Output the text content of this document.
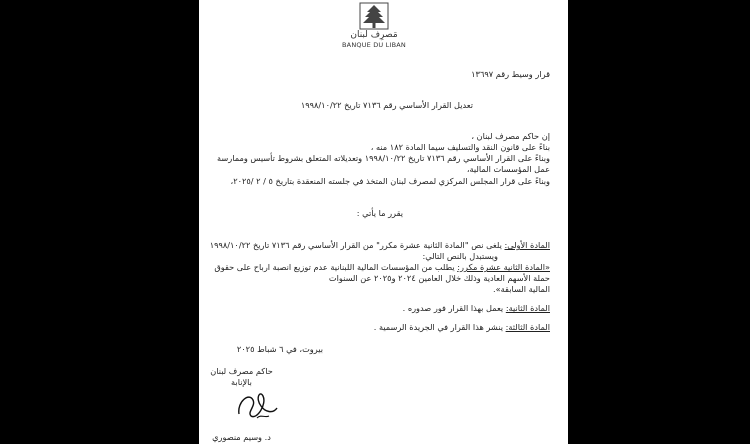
مَصرِف لبنان
BANQUE DU LIBAN
قرار وسيط رقم ١٣٦٩٧
تعديل القرار الأساسي رقم ٧١٣٦ تاريخ ١٩٩٨/١٠/٢٢
إن حاكم مصرف لبنان ،
بناءً على قانون النقد والتسليف سيما المادة ١٨٢ منه ،
وبناءً على القرار الأساسي رقم ٧١٣٦ تاريخ ١٩٩٨/١٠/٢٢ وتعديلاته المتعلق بشروط تأسيس وممارسة
عمل المؤسسات المالية،
وبناءً على قرار المجلس المركزي لمصرف لبنان المتخذ في جلسته المنعقدة بتاريخ ٥ / ٢ /٢٠٢٥،
يقرر ما يأتي :
المادة الأولى: يلغى نص "المادة الثانية عشرة مكرر" من القرار الأساسي رقم ٧١٣٦ تاريخ ١٩٩٨/١٠/٢٢
ويستبدل بالنص التالي:
«المادة الثانية عشرة مكرر: يطلب من المؤسسات المالية اللبنانية عدم توزيع انصبة ارباح على حقوق
حملة الأسهم العادية وذلك خلال العامين ٢٠٢٤ و٢٠٢٥ عن السنوات
المالية السابقة».
المادة الثانية: يعمل بهذا القرار فور صدوره .
المادة الثالثة: ينشر هذا القرار في الجريدة الرسمية .
بيروت، في ٦ شباط ٢٠٢٥
حاكم مصرف لبنان
بالإنابة
د. وسيم منصوري
